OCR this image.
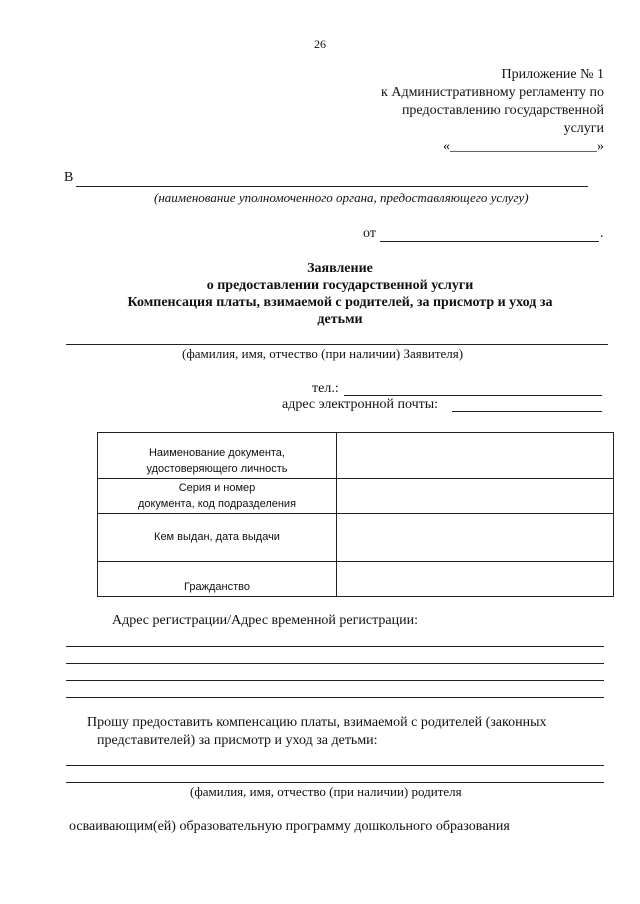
26
Приложение № 1
к Административному регламенту по
предоставлению государственной
услуги
«_____________________»
В
(наименование уполномоченного органа, предоставляющего услугу)
от	.
Заявление
о предоставлении государственной услуги
Компенсация платы, взимаемой с родителей, за присмотр и уход за
детьми
(фамилия, имя, отчество (при наличии) Заявителя)
тел.:
адрес электронной почты:
Наименование документа,
удостоверяющего личность	

Серия и номер
документа, код подразделения	

Кем выдан, дата выдачи	

Гражданство	

Адрес регистрации/Адрес временной регистрации:
Прошу предоставить компенсацию платы, взимаемой с родителей (законных
представителей) за присмотр и уход за детьми:
(фамилия, имя, отчество (при наличии) родителя
осваивающим(ей) образовательную программу дошкольного образования
